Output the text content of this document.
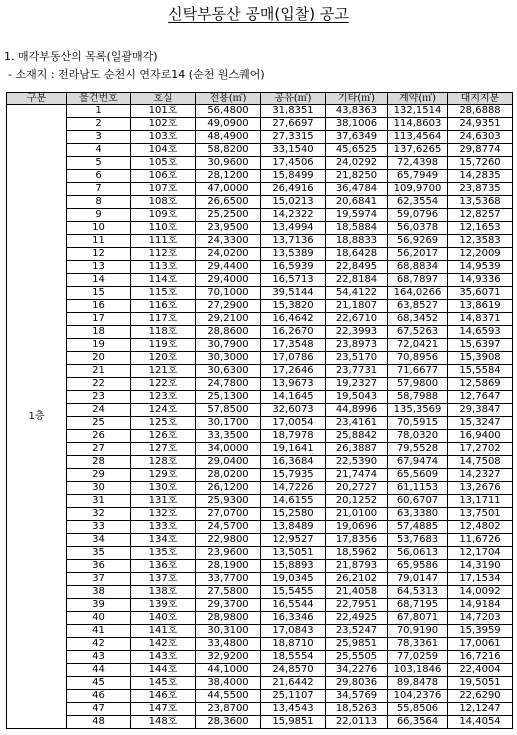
신탁부동산 공매(입찰) 공고
1. 매각부동산의 목록(일괄매각)
- 소재지 : 전라남도 순천시 연자로14 (순천 원스퀘어)
구분	물건번호	호실	전용(㎡)	공유(㎡)	기타(㎡)	계약(㎡)	대지지분
1층	1	101호	56,4800	31,8351	43,8363	132,1514	28,6888
	2	102호	49,0900	27,6697	38,1006	114,8603	24,9351
	3	103호	48,4900	27,3315	37,6349	113,4564	24,6303
	4	104호	58,8200	33,1540	45,6525	137,6265	29,8774
	5	105호	30,9600	17,4506	24,0292	72,4398	15,7260
	6	106호	28,1200	15,8499	21,8250	65,7949	14,2835
	7	107호	47,0000	26,4916	36,4784	109,9700	23,8735
	8	108호	26,6500	15,0213	20,6841	62,3554	13,5368
	9	109호	25,2500	14,2322	19,5974	59,0796	12,8257
	10	110호	23,9500	13,4994	18,5884	56,0378	12,1653
	11	111호	24,3300	13,7136	18,8833	56,9269	12,3583
	12	112호	24,0200	13,5389	18,6428	56,2017	12,2009
	13	113호	29,4400	16,5939	22,8495	68,8834	14,9539
	14	114호	29,4000	16,5713	22,8184	68,7897	14,9336
	15	115호	70,1000	39,5144	54,4122	164,0266	35,6071
	16	116호	27,2900	15,3820	21,1807	63,8527	13,8619
	17	117호	29,2100	16,4642	22,6710	68,3452	14,8371
	18	118호	28,8600	16,2670	22,3993	67,5263	14,6593
	19	119호	30,7900	17,3548	23,8973	72,0421	15,6397
	20	120호	30,3000	17,0786	23,5170	70,8956	15,3908
	21	121호	30,6300	17,2646	23,7731	71,6677	15,5584
	22	122호	24,7800	13,9673	19,2327	57,9800	12,5869
	23	123호	25,1300	14,1645	19,5043	58,7988	12,7647
	24	124호	57,8500	32,6073	44,8996	135,3569	29,3847
	25	125호	30,1700	17,0054	23,4161	70,5915	15,3247
	26	126호	33,3500	18,7978	25,8842	78,0320	16,9400
	27	127호	34,0000	19,1641	26,3887	79,5528	17,2702
	28	128호	29,0400	16,3684	22,5390	67,9474	14,7508
	29	129호	28,0200	15,7935	21,7474	65,5609	14,2327
	30	130호	26,1200	14,7226	20,2727	61,1153	13,2676
	31	131호	25,9300	14,6155	20,1252	60,6707	13,1711
	32	132호	27,0700	15,2580	21,0100	63,3380	13,7501
	33	133호	24,5700	13,8489	19,0696	57,4885	12,4802
	34	134호	22,9800	12,9527	17,8356	53,7683	11,6726
	35	135호	23,9600	13,5051	18,5962	56,0613	12,1704
	36	136호	28,1900	15,8893	21,8793	65,9586	14,3190
	37	137호	33,7700	19,0345	26,2102	79,0147	17,1534
	38	138호	27,5800	15,5455	21,4058	64,5313	14,0092
	39	139호	29,3700	16,5544	22,7951	68,7195	14,9184
	40	140호	28,9800	16,3346	22,4925	67,8071	14,7203
	41	141호	30,3100	17,0843	23,5247	70,9190	15,3959
	42	142호	33,4800	18,8710	25,9851	78,3361	17,0061
	43	143호	32,9200	18,5554	25,5505	77,0259	16,7216
	44	144호	44,1000	24,8570	34,2276	103,1846	22,4004
	45	145호	38,4000	21,6442	29,8036	89,8478	19,5051
	46	146호	44,5500	25,1107	34,5769	104,2376	22,6290
	47	147호	23,8700	13,4543	18,5263	55,8506	12,1247
	48	148호	28,3600	15,9851	22,0113	66,3564	14,4054
